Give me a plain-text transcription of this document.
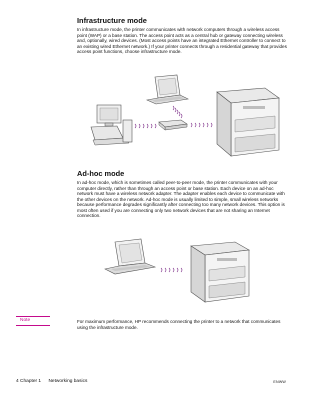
Infrastructure mode

In infrastructure mode, the printer communicates with network computers through a wireless access point (WAP) or a base station. The access point acts as a central hub or gateway connecting wireless and, optionally, wired devices. (Most access points have an integrated Ethernet controller to connect to an existing wired Ethernet network.) If your printer connects through a residential gateway that provides access point functions, choose infrastructure mode.

Ad-hoc mode

In ad-hoc mode, which is sometimes called peer-to-peer mode, the printer communicates with your computer directly, rather than through an access point or base station. Each device on an ad-hoc network must have a wireless network adapter. The adapter enables each device to communicate with the other devices on the network. Ad-hoc mode is usually limited to simple, small wireless networks because performance degrades significantly after connecting too many network devices. This option is most often used if you are connecting only two network devices that are not sharing an Internet connection.

Note	For maximum performance, HP recommends connecting the printer to a network that communicates using the infrastructure mode.

4 Chapter 1 Networking basics	ENWW
